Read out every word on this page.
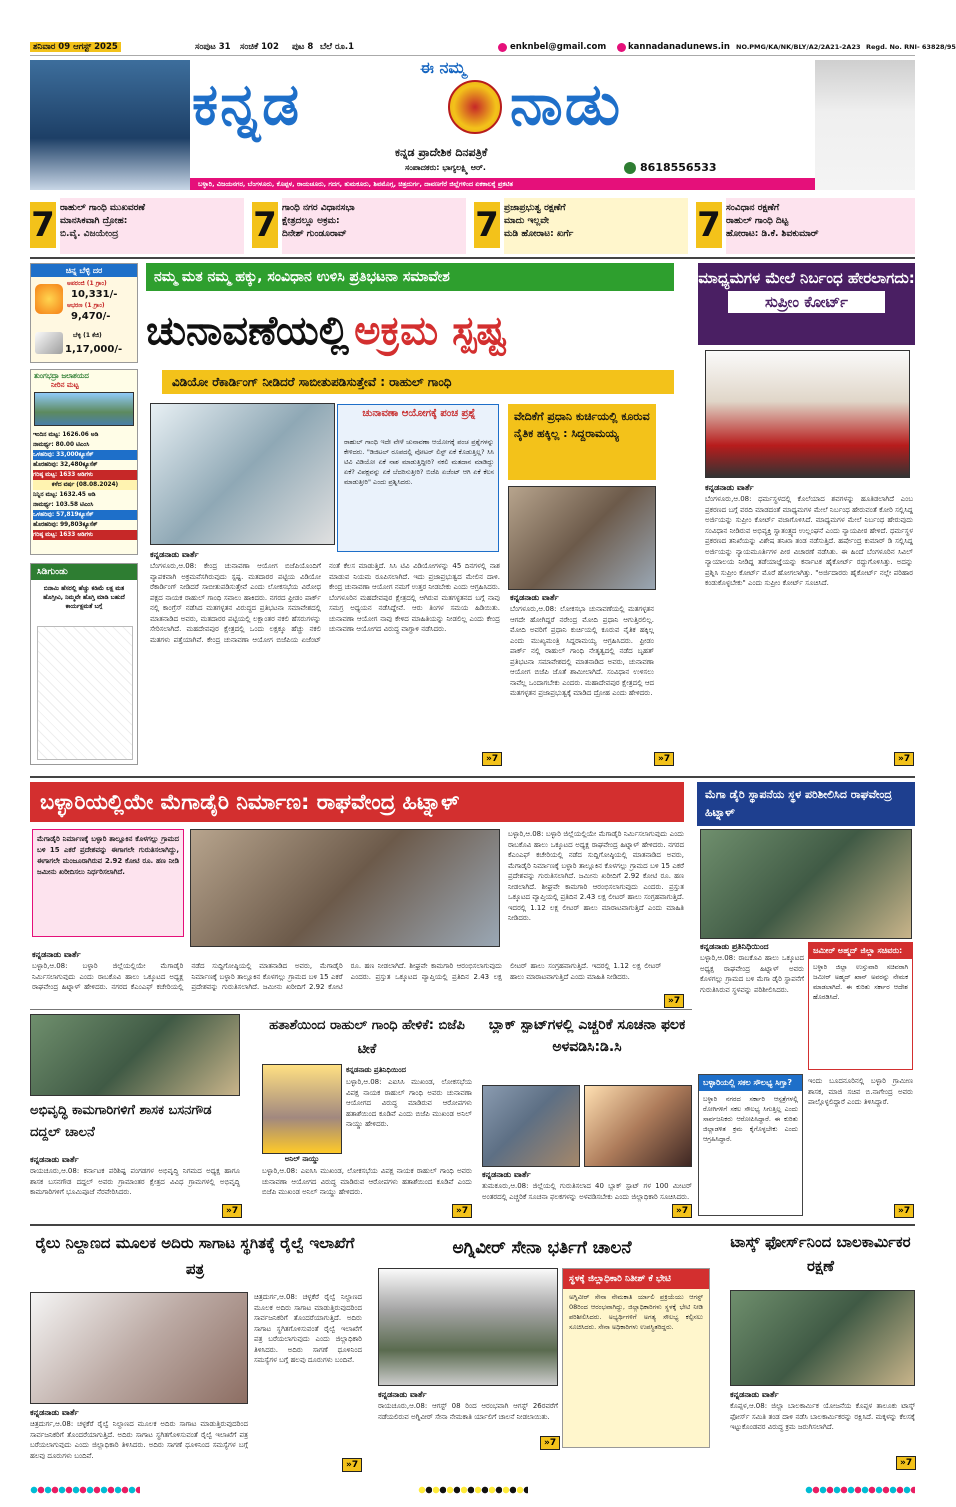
ಶನಿವಾರ 09 ಆಗಸ್ಟ್ 2025	ಸಂಪುಟ 31 ಸಂಚಿಕೆ 102 ಪುಟ 8 ಬೆಲೆ ರೂ.1	enknbel@gmail.com	kannadanadunews.in NO.PMG/KA/NK/BLY/A2/2A21-2A23 Regd. No. RNI- 63828/95
ಈ ನಮ್ಮ
ಕನ್ನಡ	ನಾಡು
ಕನ್ನಡ ಪ್ರಾದೇಶಿಕ ದಿನಪತ್ರಿಕೆ
ಸಂಪಾದಕರು: ಭಾಗ್ಯಲಕ್ಷ್ಮಿ ಆರ್.	8618556533
ಬಳ್ಳಾರಿ, ವಿಜಯನಗರ, ಬೆಂಗಳೂರು, ಕೊಪ್ಪಳ, ರಾಯಚೂರು, ಗದಗ, ತುಮಕೂರು, ಶಿವಮೊಗ್ಗ, ಚಿತ್ರದುರ್ಗ, ದಾವಣಗೆರೆ ಜಿಲ್ಲೆಗಳಿಂದ ಏಕಕಾಲಕ್ಕೆ ಪ್ರಕಟಿತ
7 ರಾಹುಲ್ ಗಾಂಧಿ ಮುಖವರಣೆ
ಮಾನಸಿಕವಾಗಿ ದ್ರೋಹ:
ಬಿ.ವೈ. ವಿಜಯೇಂದ್ರ	7 ಗಾಂಧಿ ನಗರ ವಿಧಾನಸಭಾ
ಕ್ಷೇತ್ರದಲ್ಲೂ ಅಕ್ರಮ:
ದಿನೇಶ್ ಗುಂಡೂರಾವ್	7 ಪ್ರಜಾಪ್ರಭುತ್ವ ರಕ್ಷಣೆಗೆ
ಮಾದು ಇಲ್ಲವೇ
ಮಡಿ ಹೋರಾಟ: ಖರ್ಗೆ	7 ಸಂವಿಧಾನ ರಕ್ಷಣೆಗೆ
ರಾಹುಲ್ ಗಾಂಧಿ ದಿಟ್ಟ
ಹೋರಾಟ: ಡಿ.ಕೆ. ಶಿವಕುಮಾರ್
ಚಿನ್ನ ಬೆಳ್ಳಿ ದರ
ಅಪರಂಜಿ (1 ಗ್ರಾಂ)
10,331/-
ಆಭರಣ (1 ಗ್ರಾಂ)
9,470/-
ಬೆಳ್ಳಿ (1 ಕೆಜಿ)
1,17,000/-
ತುಂಗಭದ್ರಾ ಜಲಾಶಯದ
ನೀರಿನ ಮಟ್ಟ
ಇಂದಿನ ಮಟ್ಟ: 1626.06 ಅಡಿ
ನಾಮರ್ಥ್ಯ: 80.00 ಟಿಎಂಸಿ
ಒಳಹರಿವು: 33,000ಕ್ಯೂಸೆಕ್
ಹೊರಹರಿವು: 32,480ಕ್ಯೂಸೆಕ್
ಗರಿಷ್ಠ ಮಟ್ಟ: 1633 ಅಡಿಗಳು
ಕಳೆದ ವರ್ಷ (08.08.2024)
ನಿನ್ನಿನ ಮಟ್ಟ: 1632.45 ಅಡಿ
ನಾಮರ್ಥ್ಯ: 103.58 ಟಿಎಂಸಿ
ಒಳಹರಿವು: 57,819ಕ್ಯೂಸೆಕ್
ಹೊರಹರಿವು: 99,803ಕ್ಯೂಸೆಕ್
ಗರಿಷ್ಠ ಮಟ್ಟ: 1633 ಅಡಿಗಳು
ಸಿಡಿಗುಂಡು
ಬಿನಾಮಿ ಹೆಸರಲ್ಲಿ ಹೆಚ್ಚು ಕಡಿಮೆ ಲಕ್ಷ ಮತ ಹೊಗ್ತೀವಿ, ನಿಮ್ಮವೇ ಹೊಗ್ತಿ ಮಾಡಿ ಬಹುದೆ ಕಾರ್ಯಕ್ಷಮತೆ ಬಗ್ಗೆ
ನಮ್ಮ ಮತ ನಮ್ಮ ಹಕ್ಕು, ಸಂವಿಧಾನ ಉಳಿಸಿ ಪ್ರತಿಭಟನಾ ಸಮಾವೇಶ
ಚುನಾವಣೆಯಲ್ಲಿ ಅಕ್ರಮ ಸ್ಪಷ್ಟ
ವಿಡಿಯೋ ರೆಕಾರ್ಡಿಂಗ್ ನೀಡಿದರೆ ಸಾಬೀತುಪಡಿಸುತ್ತೇವೆ : ರಾಹುಲ್ ಗಾಂಧಿ
ಚುನಾವಣಾ ಆಯೋಗಕ್ಕೆ ಪಂಚ ಪ್ರಶ್ನೆ
ರಾಹುಲ್ ಗಾಂಧಿ ಇದೇ ವೇಳೆ ಚುನಾವಣಾ ಆಯೋಗಕ್ಕೆ ಪಂಚ ಪ್ರಶ್ನೆಗಳನ್ನು ಕೇಳಿದರು. "ಡಿಜಿಟಲ್ ರೂಪದಲ್ಲಿ ವೋಟರ್ ಲಿಸ್ಟ್ ಏಕೆ ಕೊಡುತ್ತಿಲ್ಲ? ಸಿಸಿ ಟಿವಿ ವಿಡಿಯೋ ಏಕೆ ನಾಶ ಮಾಡುತ್ತಿದ್ದೀರಿ? ನಕಲಿ ಮತದಾನ ಮಾಡಿದ್ದು ಏಕೆ? ವಿಪಕ್ಷವನ್ನು ಏಕೆ ಬೆದರಿಸುತ್ತೀರಿ? ಬಿಜೆಪಿ ಏಜೆಂಟ್ ಆಗಿ ಏಕೆ ಕೆಲಸ ಮಾಡುತ್ತೀರಿ" ಎಂದು ಪ್ರಶ್ನಿಸಿದರು.
ಕನ್ನಡನಾಡು ವಾರ್ತೆ
ಬೆಂಗಳೂರು,ಆ.08: ಕೇಂದ್ರ ಚುನಾವಣಾ ಆಯೋಗ ಬಿಜೆಪಿಯೊಂದಿಗೆ ವ್ಯಾಪಕವಾಗಿ ಅಕ್ರಮವೆಸಗಿರುವುದು ಸ್ಪಷ್ಟ. ಮತದಾರರ ಪಟ್ಟಿಯ ವಿಡಿಯೋ ರೆಕಾರ್ಡಿಂಗ್ ನೀಡಿದರೆ ಸಾಬೀತುಪಡಿಸುತ್ತೇವೆ ಎಂದು ಲೋಕಸಭೆಯ ವಿರೋಧ ಪಕ್ಷದ ನಾಯಕ ರಾಹುಲ್ ಗಾಂಧಿ ಸವಾಲು ಹಾಕಿದರು. ನಗರದ ಫ್ರೀಡಂ ಪಾರ್ಕ್ ನಲ್ಲಿ ಕಾಂಗ್ರೆಸ್ ನಡೆಸಿದ ಮತಗಳ್ಳತನ ವಿರುದ್ಧದ ಪ್ರತಿಭಟನಾ ಸಮಾವೇಶದಲ್ಲಿ ಮಾತನಾಡಿದ ಅವರು, ಮತದಾರರ ಪಟ್ಟಿಯಲ್ಲಿ ಲಕ್ಷಾಂತರ ನಕಲಿ ಹೆಸರುಗಳನ್ನು ಸೇರಿಸಲಾಗಿದೆ. ಮಹದೇವಪುರ ಕ್ಷೇತ್ರದಲ್ಲಿ ಒಂದು ಲಕ್ಷಕ್ಕೂ ಹೆಚ್ಚು ನಕಲಿ ಮತಗಳು ಪತ್ತೆಯಾಗಿವೆ. ಕೇಂದ್ರ ಚುನಾವಣಾ ಆಯೋಗ ಬಿಜೆಪಿಯ ಏಜೆಂಟ್ ನಂತೆ ಕೆಲಸ ಮಾಡುತ್ತಿದೆ. ಸಿಸಿ ಟಿವಿ ವಿಡಿಯೋಗಳನ್ನು 45 ದಿನಗಳಲ್ಲಿ ನಾಶ ಮಾಡುವ ನಿಯಮ ರೂಪಿಸಲಾಗಿದೆ. ಇದು ಪ್ರಜಾಪ್ರಭುತ್ವದ ಮೇಲಿನ ದಾಳಿ. ಕೇಂದ್ರ ಚುನಾವಣಾ ಆಯೋಗ ನಮಗೆ ಉತ್ತರ ನೀಡಬೇಕು ಎಂದು ಆಗ್ರಹಿಸಿದರು. ಬೆಂಗಳೂರಿನ ಮಹದೇವಪುರ ಕ್ಷೇತ್ರದಲ್ಲಿ ಆಗಿರುವ ಮತಗಳ್ಳತನದ ಬಗ್ಗೆ ನಾವು ಸಮಗ್ರ ಅಧ್ಯಯನ ನಡೆಸಿದ್ದೇವೆ. ಆರು ತಿಂಗಳ ಸಮಯ ಹಿಡಿಯಿತು. ಚುನಾವಣಾ ಆಯೋಗ ನಾವು ಕೇಳಿದ ಮಾಹಿತಿಯನ್ನು ನೀಡಲಿಲ್ಲ ಎಂದು ಕೇಂದ್ರ ಚುನಾವಣಾ ಆಯೋಗದ ವಿರುದ್ಧ ವಾಗ್ದಾಳಿ ನಡೆಸಿದರು.
»7
ವೇದಿಕೆಗೆ ಪ್ರಧಾನಿ ಕುರ್ಚಿಯಲ್ಲಿ ಕೂರುವ ನೈತಿಕ ಹಕ್ಕಿಲ್ಲ : ಸಿದ್ದರಾಮಯ್ಯ
ಕನ್ನಡನಾಡು ವಾರ್ತೆ
ಬೆಂಗಳೂರು,ಆ.08: ಲೋಕಸಭಾ ಚುನಾವಣೆಯಲ್ಲಿ ಮತಗಳ್ಳತನ ಆಗದೇ ಹೋಗಿದ್ದರೆ ನರೇಂದ್ರ ಮೋದಿ ಪ್ರಧಾನಿ ಆಗುತ್ತಿರಲಿಲ್ಲ. ಮೋದಿ ಅವರಿಗೆ ಪ್ರಧಾನಿ ಕುರ್ಚಿಯಲ್ಲಿ ಕೂರುವ ನೈತಿಕ ಹಕ್ಕಿಲ್ಲ ಎಂದು ಮುಖ್ಯಮಂತ್ರಿ ಸಿದ್ದರಾಮಯ್ಯ ಆಗ್ರಹಿಸಿದರು. ಫ್ರೀಡಂ ಪಾರ್ಕ್ ನಲ್ಲಿ ರಾಹುಲ್ ಗಾಂಧಿ ನೇತೃತ್ವದಲ್ಲಿ ನಡೆದ ಬೃಹತ್ ಪ್ರತಿಭಟನಾ ಸಮಾವೇಶದಲ್ಲಿ ಮಾತನಾಡಿದ ಅವರು, ಚುನಾವಣಾ ಆಯೋಗ ಬಿಜೆಪಿ ಜೊತೆ ಶಾಮೀಲಾಗಿದೆ. ಸಂವಿಧಾನ ಉಳಿಸಲು ನಾವೆಲ್ಲ ಒಂದಾಗಬೇಕು ಎಂದರು. ಮಹಾದೇವಪುರ ಕ್ಷೇತ್ರದಲ್ಲಿ ಆದ ಮತಗಳ್ಳತನ ಪ್ರಜಾಪ್ರಭುತ್ವಕ್ಕೆ ಮಾಡಿದ ದ್ರೋಹ ಎಂದು ಹೇಳಿದರು.
»7
ಮಾಧ್ಯಮಗಳ ಮೇಲೆ ನಿರ್ಬಂಧ ಹೇರಲಾಗದು:
ಸುಪ್ರೀಂ ಕೋರ್ಟ್
ಕನ್ನಡನಾಡು ವಾರ್ತೆ
ಬೆಂಗಳೂರು,ಆ.08: ಧರ್ಮಸ್ಥಳದಲ್ಲಿ ಕೊಲೆಯಾದ ಶವಗಳನ್ನು ಹೂತಿಡಲಾಗಿದೆ ಎಂಬ ಪ್ರಕರಣದ ಬಗ್ಗೆ ವರದಿ ಮಾಡದಂತೆ ಮಾಧ್ಯಮಗಳ ಮೇಲೆ ನಿರ್ಬಂಧ ಹೇರುವಂತೆ ಕೋರಿ ಸಲ್ಲಿಸಿದ್ದ ಅರ್ಜಿಯನ್ನು ಸುಪ್ರೀಂ ಕೋರ್ಟ್ ವಜಾಗೊಳಿಸಿದೆ. ಮಾಧ್ಯಮಗಳ ಮೇಲೆ ನಿರ್ಬಂಧ ಹೇರುವುದು ಸಂವಿಧಾನ ನೀಡಿರುವ ಅಭಿವ್ಯಕ್ತಿ ಸ್ವಾತಂತ್ರ್ಯದ ಉಲ್ಲಂಘನೆ ಎಂದು ನ್ಯಾಯಪೀಠ ಹೇಳಿದೆ. ಧರ್ಮಸ್ಥಳ ಪ್ರಕರಣದ ತನಿಖೆಯನ್ನು ವಿಶೇಷ ತನಿಖಾ ತಂಡ ನಡೆಸುತ್ತಿದೆ. ಹರ್ಷೇಂದ್ರ ಕುಮಾರ್ ಡಿ ಸಲ್ಲಿಸಿದ್ದ ಅರ್ಜಿಯನ್ನು ನ್ಯಾಯಮೂರ್ತಿಗಳ ಪೀಠ ವಿಚಾರಣೆ ನಡೆಸಿತು. ಈ ಹಿಂದೆ ಬೆಂಗಳೂರಿನ ಸಿವಿಲ್ ನ್ಯಾಯಾಲಯ ನೀಡಿದ್ದ ತಡೆಯಾಜ್ಞೆಯನ್ನು ಕರ್ನಾಟಕ ಹೈಕೋರ್ಟ್ ರದ್ದುಗೊಳಿಸಿತ್ತು. ಅದನ್ನು ಪ್ರಶ್ನಿಸಿ ಸುಪ್ರೀಂ ಕೋರ್ಟ್ ಮೊರೆ ಹೋಗಲಾಗಿತ್ತು. "ಅರ್ಜಿದಾರರು ಹೈಕೋರ್ಟ್ ನಲ್ಲೇ ಪರಿಹಾರ ಕಂಡುಕೊಳ್ಳಬೇಕು" ಎಂದು ಸುಪ್ರೀಂ ಕೋರ್ಟ್ ಸೂಚಿಸಿದೆ.
»7
ಬಳ್ಳಾರಿಯಲ್ಲಿಯೇ ಮೆಗಾಡೈರಿ ನಿರ್ಮಾಣ: ರಾಘವೇಂದ್ರ ಹಿಟ್ನಾಳ್
ಮೆಗಾಡೈರಿ ನಿರ್ಮಾಣಕ್ಕೆ ಬಳ್ಳಾರಿ ತಾಲ್ಲೂಕಿನ ಕೊಳಗಲ್ಲು ಗ್ರಾಮದ ಬಳಿ 15 ಎಕರೆ ಪ್ರದೇಶವನ್ನು ಈಗಾಗಲೇ ಗುರುತಿಸಲಾಗಿದ್ದು, ಈಗಾಗಲೇ ಮಂಜೂರಾಗಿರುವ 2.92 ಕೋಟಿ ರೂ. ಹಣ ನೀಡಿ ಜಮೀನು ಖರೀದಿಸಲು ನಿರ್ಧರಿಸಲಾಗಿದೆ.
ಬಳ್ಳಾರಿ,ಆ.08: ಬಳ್ಳಾರಿ ಜಿಲ್ಲೆಯಲ್ಲಿಯೇ ಮೆಗಾಡೈರಿ ನಿರ್ಮಿಸಲಾಗುವುದು ಎಂದು ರಾಬಕೊವಿ ಹಾಲು ಒಕ್ಕೂಟದ ಅಧ್ಯಕ್ಷ ರಾಘವೇಂದ್ರ ಹಿಟ್ನಾಳ್ ಹೇಳಿದರು. ನಗರದ ಕೆಎಂಎಫ್ ಕಚೇರಿಯಲ್ಲಿ ನಡೆದ ಸುದ್ದಿಗೋಷ್ಠಿಯಲ್ಲಿ ಮಾತನಾಡಿದ ಅವರು, ಮೆಗಾಡೈರಿ ನಿರ್ಮಾಣಕ್ಕೆ ಬಳ್ಳಾರಿ ತಾಲ್ಲೂಕಿನ ಕೊಳಗಲ್ಲು ಗ್ರಾಮದ ಬಳಿ 15 ಎಕರೆ ಪ್ರದೇಶವನ್ನು ಗುರುತಿಸಲಾಗಿದೆ. ಜಮೀನು ಖರೀದಿಗೆ 2.92 ಕೋಟಿ ರೂ. ಹಣ ನೀಡಲಾಗಿದೆ. ಶೀಘ್ರವೇ ಕಾಮಗಾರಿ ಆರಂಭಿಸಲಾಗುವುದು ಎಂದರು. ಪ್ರಸ್ತುತ ಒಕ್ಕೂಟದ ವ್ಯಾಪ್ತಿಯಲ್ಲಿ ಪ್ರತಿದಿನ 2.43 ಲಕ್ಷ ಲೀಟರ್ ಹಾಲು ಸಂಗ್ರಹವಾಗುತ್ತಿದೆ. ಇದರಲ್ಲಿ 1.12 ಲಕ್ಷ ಲೀಟರ್ ಹಾಲು ಮಾರಾಟವಾಗುತ್ತಿದೆ ಎಂದು ಮಾಹಿತಿ ನೀಡಿದರು.
ಕನ್ನಡನಾಡು ವಾರ್ತೆ
ಬಳ್ಳಾರಿ,ಆ.08: ಬಳ್ಳಾರಿ ಜಿಲ್ಲೆಯಲ್ಲಿಯೇ ಮೆಗಾಡೈರಿ ನಿರ್ಮಿಸಲಾಗುವುದು ಎಂದು ರಾಬಕೊವಿ ಹಾಲು ಒಕ್ಕೂಟದ ಅಧ್ಯಕ್ಷ ರಾಘವೇಂದ್ರ ಹಿಟ್ನಾಳ್ ಹೇಳಿದರು. ನಗರದ ಕೆಎಂಎಫ್ ಕಚೇರಿಯಲ್ಲಿ ನಡೆದ ಸುದ್ದಿಗೋಷ್ಠಿಯಲ್ಲಿ ಮಾತನಾಡಿದ ಅವರು, ಮೆಗಾಡೈರಿ ನಿರ್ಮಾಣಕ್ಕೆ ಬಳ್ಳಾರಿ ತಾಲ್ಲೂಕಿನ ಕೊಳಗಲ್ಲು ಗ್ರಾಮದ ಬಳಿ 15 ಎಕರೆ ಪ್ರದೇಶವನ್ನು ಗುರುತಿಸಲಾಗಿದೆ. ಜಮೀನು ಖರೀದಿಗೆ 2.92 ಕೋಟಿ ರೂ. ಹಣ ನೀಡಲಾಗಿದೆ. ಶೀಘ್ರವೇ ಕಾಮಗಾರಿ ಆರಂಭಿಸಲಾಗುವುದು ಎಂದರು. ಪ್ರಸ್ತುತ ಒಕ್ಕೂಟದ ವ್ಯಾಪ್ತಿಯಲ್ಲಿ ಪ್ರತಿದಿನ 2.43 ಲಕ್ಷ ಲೀಟರ್ ಹಾಲು ಸಂಗ್ರಹವಾಗುತ್ತಿದೆ. ಇದರಲ್ಲಿ 1.12 ಲಕ್ಷ ಲೀಟರ್ ಹಾಲು ಮಾರಾಟವಾಗುತ್ತಿದೆ ಎಂದು ಮಾಹಿತಿ ನೀಡಿದರು.
»7
ಮೆಗಾ ಡೈರಿ ಸ್ಥಾಪನೆಯ ಸ್ಥಳ ಪರಿಶೀಲಿಸಿದ ರಾಘವೇಂದ್ರ ಹಿಟ್ನಾಳ್
ಕನ್ನಡನಾಡು ಪ್ರತಿನಿಧಿಯಿಂದ
ಬಳ್ಳಾರಿ,ಆ.08: ರಾಬಕೊವಿ ಹಾಲು ಒಕ್ಕೂಟದ ಅಧ್ಯಕ್ಷ ರಾಘವೇಂದ್ರ ಹಿಟ್ನಾಳ್ ಅವರು ಕೊಳಗಲ್ಲು ಗ್ರಾಮದ ಬಳಿ ಮೆಗಾ ಡೈರಿ ಸ್ಥಾಪನೆಗೆ ಗುರುತಿಸಿರುವ ಸ್ಥಳವನ್ನು ಪರಿಶೀಲಿಸಿದರು.
ಜಮೀರ್ ಅಹ್ಮದ್ ಜಿಲ್ಲಾ ಸಚಿವರು:
ಬಳ್ಳಾರಿ ಜಿಲ್ಲಾ ಉಸ್ತುವಾರಿ ಸಚಿವರಾಗಿ ಜಮೀರ್ ಅಹ್ಮದ್ ಖಾನ್ ಅವರನ್ನು ನೇಮಕ ಮಾಡಲಾಗಿದೆ. ಈ ಕುರಿತು ಸರ್ಕಾರ ಆದೇಶ ಹೊರಡಿಸಿದೆ.
ಅಭಿವೃದ್ಧಿ ಕಾಮಗಾರಿಗಳಿಗೆ ಶಾಸಕ ಬಸನಗೌಡ ದದ್ದಲ್ ಚಾಲನೆ
ಕನ್ನಡನಾಡು ವಾರ್ತೆ
ರಾಯಚೂರು,ಆ.08: ಕರ್ನಾಟಕ ಪರಿಶಿಷ್ಟ ಪಂಗಡಗಳ ಅಭಿವೃದ್ಧಿ ನಿಗಮದ ಅಧ್ಯಕ್ಷ ಹಾಗೂ ಶಾಸಕ ಬಸನಗೌಡ ದದ್ದಲ್ ಅವರು ಗ್ರಾಮಾಂತರ ಕ್ಷೇತ್ರದ ವಿವಿಧ ಗ್ರಾಮಗಳಲ್ಲಿ ಅಭಿವೃದ್ಧಿ ಕಾಮಗಾರಿಗಳಿಗೆ ಭೂಮಿಪೂಜೆ ನೆರವೇರಿಸಿದರು.
»7
ಹತಾಶೆಯಿಂದ ರಾಹುಲ್ ಗಾಂಧಿ ಹೇಳಿಕೆ: ಬಿಜೆಪಿ ಟೀಕೆ
ಅನಿಲ್ ನಾಯ್ಡು
ಕನ್ನಡನಾಡು ಪ್ರತಿನಿಧಿಯಿಂದ
ಬಳ್ಳಾರಿ,ಆ.08: ಎಐಸಿಸಿ ಮುಖಂಡ, ಲೋಕಸಭೆಯ ವಿಪಕ್ಷ ನಾಯಕ ರಾಹುಲ್ ಗಾಂಧಿ ಅವರು ಚುನಾವಣಾ ಆಯೋಗದ ವಿರುದ್ಧ ಮಾಡಿರುವ ಆರೋಪಗಳು ಹತಾಶೆಯಿಂದ ಕೂಡಿವೆ ಎಂದು ಬಿಜೆಪಿ ಮುಖಂಡ ಅನಿಲ್ ನಾಯ್ಡು ಹೇಳಿದರು.
ಬಳ್ಳಾರಿ,ಆ.08: ಎಐಸಿಸಿ ಮುಖಂಡ, ಲೋಕಸಭೆಯ ವಿಪಕ್ಷ ನಾಯಕ ರಾಹುಲ್ ಗಾಂಧಿ ಅವರು ಚುನಾವಣಾ ಆಯೋಗದ ವಿರುದ್ಧ ಮಾಡಿರುವ ಆರೋಪಗಳು ಹತಾಶೆಯಿಂದ ಕೂಡಿವೆ ಎಂದು ಬಿಜೆಪಿ ಮುಖಂಡ ಅನಿಲ್ ನಾಯ್ಡು ಹೇಳಿದರು.
»7
ಬ್ಲಾಕ್ ಸ್ಪಾಟ್‌ಗಳಲ್ಲಿ ಎಚ್ಚರಿಕೆ ಸೂಚನಾ ಫಲಕ ಅಳವಡಿಸಿ:ಡಿ.ಸಿ
ಕನ್ನಡನಾಡು ವಾರ್ತೆ
ತುಮಕೂರು,ಆ.08: ಜಿಲ್ಲೆಯಲ್ಲಿ ಗುರುತಿಸಲಾದ 40 ಬ್ಲಾಕ್ ಸ್ಪಾಟ್ ಗಳ 100 ಮೀಟರ್ ಅಂತರದಲ್ಲಿ ಎಚ್ಚರಿಕೆ ಸೂಚನಾ ಫಲಕಗಳನ್ನು ಅಳವಡಿಸಬೇಕು ಎಂದು ಜಿಲ್ಲಾಧಿಕಾರಿ ಸೂಚಿಸಿದರು.
»7
ಬಳ್ಳಾರಿಯಲ್ಲಿ ಸಕಲ ಸೌಲಭ್ಯ ಸಿಗ್ತಾ?
ಬಳ್ಳಾರಿ ನಗರದ ಸರ್ಕಾರಿ ಆಸ್ಪತ್ರೆಗಳಲ್ಲಿ ರೋಗಿಗಳಿಗೆ ಸಕಲ ಸೌಲಭ್ಯ ಸಿಗುತ್ತಿಲ್ಲ ಎಂದು ಸಾರ್ವಜನಿಕರು ಆರೋಪಿಸಿದ್ದಾರೆ. ಈ ಕುರಿತು ಜಿಲ್ಲಾಡಳಿತ ಕ್ರಮ ಕೈಗೊಳ್ಳಬೇಕು ಎಂದು ಆಗ್ರಹಿಸಿದ್ದಾರೆ.
ಇಂದು ಬೂದನೂರಿನಲ್ಲಿ ಬಳ್ಳಾರಿ ಗ್ರಾಮೀಣ ಶಾಸಕ, ಮಾಜಿ ಸಚಿವ ಬಿ.ನಾಗೇಂದ್ರ ಅವರು ಪಾಲ್ಗೊಳ್ಳಲಿದ್ದಾರೆ ಎಂದು ತಿಳಿಸಿದ್ದಾರೆ.
»7
ರೈಲು ನಿಲ್ದಾಣದ ಮೂಲಕ ಅದಿರು ಸಾಗಾಟ ಸ್ಥಗಿತಕ್ಕೆ ರೈಲ್ವೆ ಇಲಾಖೆಗೆ ಪತ್ರ
ಚಿತ್ರದುರ್ಗ,ಆ.08: ಚಳ್ಳಕೆರೆ ರೈಲ್ವೆ ನಿಲ್ದಾಣದ ಮೂಲಕ ಅದಿರು ಸಾಗಾಟ ಮಾಡುತ್ತಿರುವುದರಿಂದ ಸಾರ್ವಜನಿಕರಿಗೆ ತೊಂದರೆಯಾಗುತ್ತಿದೆ. ಅದಿರು ಸಾಗಾಟ ಸ್ಥಗಿತಗೊಳಿಸುವಂತೆ ರೈಲ್ವೆ ಇಲಾಖೆಗೆ ಪತ್ರ ಬರೆಯಲಾಗುವುದು ಎಂದು ಜಿಲ್ಲಾಧಿಕಾರಿ ತಿಳಿಸಿದರು. ಅದಿರು ಸಾಗಣೆ ಧೂಳಿನಿಂದ ಸಮಸ್ಯೆಗಳ ಬಗ್ಗೆ ಹಲವು ದೂರುಗಳು ಬಂದಿವೆ.
ಕನ್ನಡನಾಡು ವಾರ್ತೆ
ಚಿತ್ರದುರ್ಗ,ಆ.08: ಚಳ್ಳಕೆರೆ ರೈಲ್ವೆ ನಿಲ್ದಾಣದ ಮೂಲಕ ಅದಿರು ಸಾಗಾಟ ಮಾಡುತ್ತಿರುವುದರಿಂದ ಸಾರ್ವಜನಿಕರಿಗೆ ತೊಂದರೆಯಾಗುತ್ತಿದೆ. ಅದಿರು ಸಾಗಾಟ ಸ್ಥಗಿತಗೊಳಿಸುವಂತೆ ರೈಲ್ವೆ ಇಲಾಖೆಗೆ ಪತ್ರ ಬರೆಯಲಾಗುವುದು ಎಂದು ಜಿಲ್ಲಾಧಿಕಾರಿ ತಿಳಿಸಿದರು. ಅದಿರು ಸಾಗಣೆ ಧೂಳಿನಿಂದ ಸಮಸ್ಯೆಗಳ ಬಗ್ಗೆ ಹಲವು ದೂರುಗಳು ಬಂದಿವೆ.
»7
ಅಗ್ನಿವೀರ್ ಸೇನಾ ಭರ್ತಿಗೆ ಚಾಲನೆ
ಸ್ಥಳಕ್ಕೆ ಜಿಲ್ಲಾಧಿಕಾರಿ ನಿತೀಶ್ ಕೆ ಭೇಟಿ
ಅಗ್ನಿವೀರ್ ಸೇನಾ ನೇಮಕಾತಿ ರ್ಯಾಲಿ ಪ್ರಕ್ರಿಯೆಯು ಆಗಸ್ಟ್ 08ರಿಂದ ಆರಂಭವಾಗಿದ್ದು, ಜಿಲ್ಲಾಧಿಕಾರಿಗಳು ಸ್ಥಳಕ್ಕೆ ಭೇಟಿ ನೀಡಿ ಪರಿಶೀಲಿಸಿದರು. ಅಭ್ಯರ್ಥಿಗಳಿಗೆ ಅಗತ್ಯ ಸೌಲಭ್ಯ ಕಲ್ಪಿಸಲು ಸೂಚಿಸಿದರು. ಸೇನಾ ಅಧಿಕಾರಿಗಳು ಉಪಸ್ಥಿತರಿದ್ದರು.
ಕನ್ನಡನಾಡು ವಾರ್ತೆ
ರಾಯಚೂರು,ಆ.08: ಆಗಸ್ಟ್ 08 ರಿಂದ ಆರಂಭವಾಗಿ ಆಗಸ್ಟ್ 26ರವರೆಗೆ ನಡೆಯಲಿರುವ ಅಗ್ನಿವೀರ್ ಸೇನಾ ನೇಮಕಾತಿ ರ್ಯಾಲಿಗೆ ಚಾಲನೆ ನೀಡಲಾಯಿತು.
»7
ಟಾಸ್ಕ್ ಫೋರ್ಸ್‌ನಿಂದ ಬಾಲಕಾರ್ಮಿಕರ ರಕ್ಷಣೆ
ಕನ್ನಡನಾಡು ವಾರ್ತೆ
ಕೊಪ್ಪಳ,ಆ.08: ಜಿಲ್ಲಾ ಬಾಲಕಾರ್ಮಿಕ ಯೋಜನೆಯ ಕೊಪ್ಪಳ ತಾಲೂಕು ಟಾಸ್ಕ್ ಫೋರ್ಸ್ ಸಮಿತಿ ತಂಡ ದಾಳಿ ನಡೆಸಿ ಬಾಲಕಾರ್ಮಿಕರನ್ನು ರಕ್ಷಿಸಿದೆ. ಮಕ್ಕಳನ್ನು ಕೆಲಸಕ್ಕೆ ಇಟ್ಟುಕೊಂಡವರ ವಿರುದ್ಧ ಕ್ರಮ ಜರುಗಿಸಲಾಗಿದೆ.
»7
